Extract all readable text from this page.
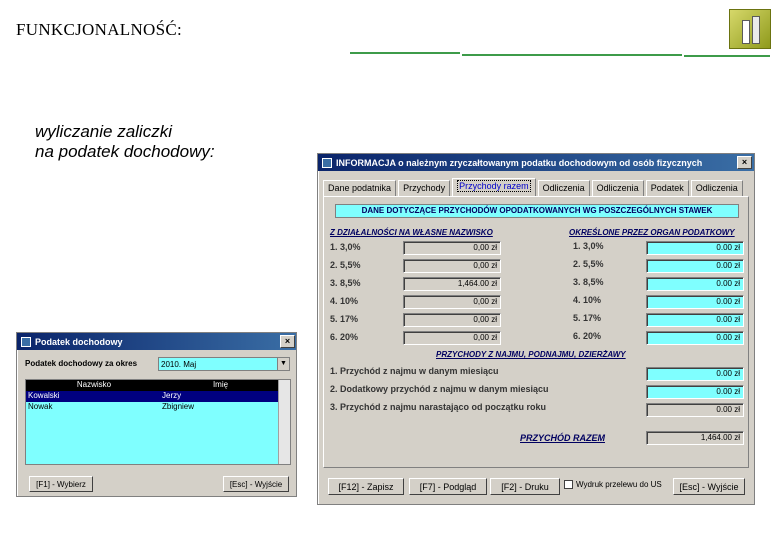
FUNKCJONALNOŚĆ:
wyliczanie zaliczki
na podatek dochodowy:
Podatek dochodowy	×
Podatek dochodowy za okres	2010. Maj	▼
Nazwisko	Imię
Kowalski	Jerzy
Nowak	Zbigniew
[F1] - Wybierz	[Esc] - Wyjście
INFORMACJA o należnym zryczałtowanym podatku dochodowym od osób fizycznych	×
Dane podatnika	Przychody	Przychody razem	Odliczenia	Odliczenia	Podatek	Odliczenia
DANE DOTYCZĄCE PRZYCHODÓW OPODATKOWANYCH WG POSZCZEGÓLNYCH STAWEK
Z DZIAŁALNOŚCI NA WŁASNE NAZWISKO	OKREŚLONE PRZEZ ORGAN PODATKOWY
1. 3,0%	0,00 zł
2. 5,5%	0,00 zł
3. 8,5%	1,464.00 zł
4. 10%	0,00 zł
5. 17%	0,00 zł
6. 20%	0,00 zł
1. 3,0%	0.00 zł
2. 5,5%	0.00 zł
3. 8,5%	0.00 zł
4. 10%	0.00 zł
5. 17%	0.00 zł
6. 20%	0.00 zł
PRZYCHODY Z NAJMU, PODNAJMU, DZIERŻAWY
1. Przychód z najmu w danym miesiącu	0.00 zł
2. Dodatkowy przychód z najmu w danym miesiącu	0.00 zł
3. Przychód z najmu narastająco od początku roku	0.00 zł
PRZYCHÓD RAZEM	1,464.00 zł
[F12] - Zapisz	[F7] - Podgląd	[F2] - Druku	Wydruk przelewu do US	[Esc] - Wyjście
